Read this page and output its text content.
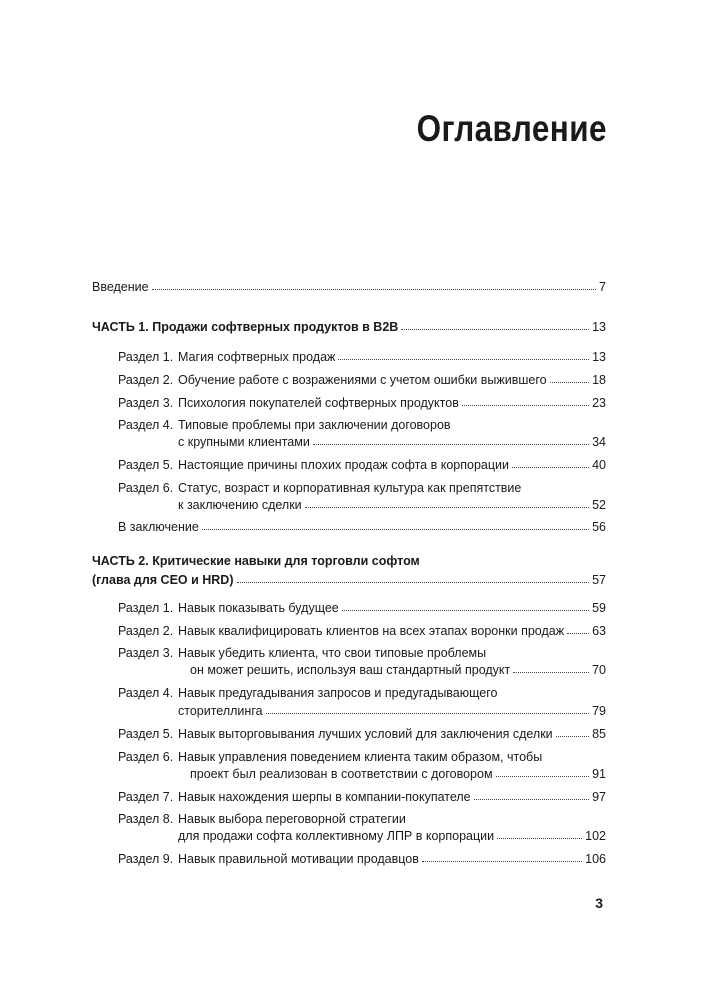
Оглавление
Введение	7
ЧАСТЬ 1. Продажи софтверных продуктов в B2B	13
Раздел 1. Магия софтверных продаж	13
Раздел 2. Обучение работе с возражениями с учетом ошибки выжившего	18
Раздел 3. Психология покупателей софтверных продуктов	23
Раздел 4. Типовые проблемы при заключении договоров
с крупными клиентами	34
Раздел 5. Настоящие причины плохих продаж софта в корпорации	40
Раздел 6. Статус, возраст и корпоративная культура как препятствие
к заключению сделки	52
В заключение	56
ЧАСТЬ 2. Критические навыки для торговли софтом
(глава для CEO и HRD)	57
Раздел 1. Навык показывать будущее	59
Раздел 2. Навык квалифицировать клиентов на всех этапах воронки продаж 63
Раздел 3. Навык убедить клиента, что свои типовые проблемы
он может решить, используя ваш стандартный продукт	70
Раздел 4. Навык предугадывания запросов и предугадывающего
сторителлинга	79
Раздел 5. Навык выторговывания лучших условий для заключения сделки	85
Раздел 6. Навык управления поведением клиента таким образом, чтобы
проект был реализован в соответствии с договором	91
Раздел 7. Навык нахождения шерпы в компании-покупателе	97
Раздел 8. Навык выбора переговорной стратегии
для продажи софта коллективному ЛПР в корпорации	102
Раздел 9. Навык правильной мотивации продавцов	106
3
